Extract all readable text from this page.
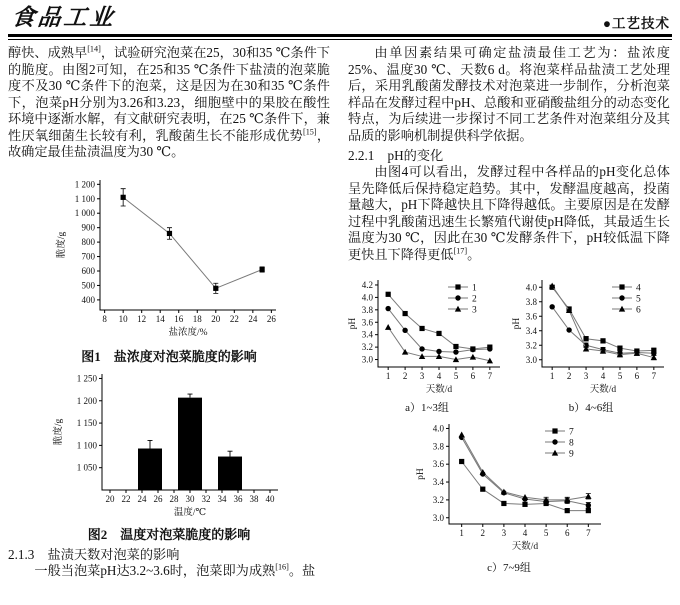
食品工业	●工艺技术

醇快、成熟早[14]，试验研究泡菜在25，30和35 ℃条件下的脆度。由图2可知，在25和35 ℃条件下盐渍的泡菜脆度不及30 ℃条件下的泡菜，这是因为在30和35 ℃条件下，泡菜pH分别为3.26和3.23，细胞壁中的果胶在酸性环境中逐渐水解，有文献研究表明，在25 ℃条件下，兼性厌氧细菌生长较有利，乳酸菌生长不能形成优势[15]，故确定最佳盐渍温度为30 ℃。

8 10 12 14 16 18 20 22 24 26
400
500
600
700
800
900
1 000
1 100
1 200
盐浓度/%
脆度/g
图1　盐浓度对泡菜脆度的影响
20 22 24 26 28 30 32 34 36 38 40
1 050
1 100
1 150
1 200
1 250
温度/℃
脆度/g
图2　温度对泡菜脆度的影响
2.1.3　盐渍天数对泡菜的影响

一般当泡菜pH达3.2~3.6时，泡菜即为成熟[16]。盐

由单因素结果可确定盐渍最佳工艺为：盐浓度25%、温度30 ℃、天数6 d。将泡菜样品盐渍工艺处理后，采用乳酸菌发酵技术对泡菜进一步制作，分析泡菜样品在发酵过程中pH、总酸和亚硝酸盐组分的动态变化特点，为后续进一步探讨不同工艺条件对泡菜组分及其品质的影响机制提供科学依据。

2.2.1　pH的变化

由图4可以看出，发酵过程中各样品的pH变化总体呈先降低后保持稳定趋势。其中，发酵温度越高，投菌量越大，pH下降越快且下降得越低。主要原因是在发酵过程中乳酸菌迅速生长繁殖代谢使pH降低，其最适生长温度为30 ℃，因此在30 ℃发酵条件下，pH较低温下降更快且下降得更低[17]。

1 2 3 4 5 6 7
3.0
3.2
3.4
3.6
3.8
4.0
4.2
天数/d
pH
1
2
3
a）1~3组
1 2 3 4 5 6 7
3.0
3.2
3.4
3.6
3.8
4.0
天数/d
pH
4
5
6
b）4~6组
1 2 3 4 5 6 7
3.0
3.2
3.4
3.6
3.8
4.0
天数/d
pH
7
8
9
c）7~9组
